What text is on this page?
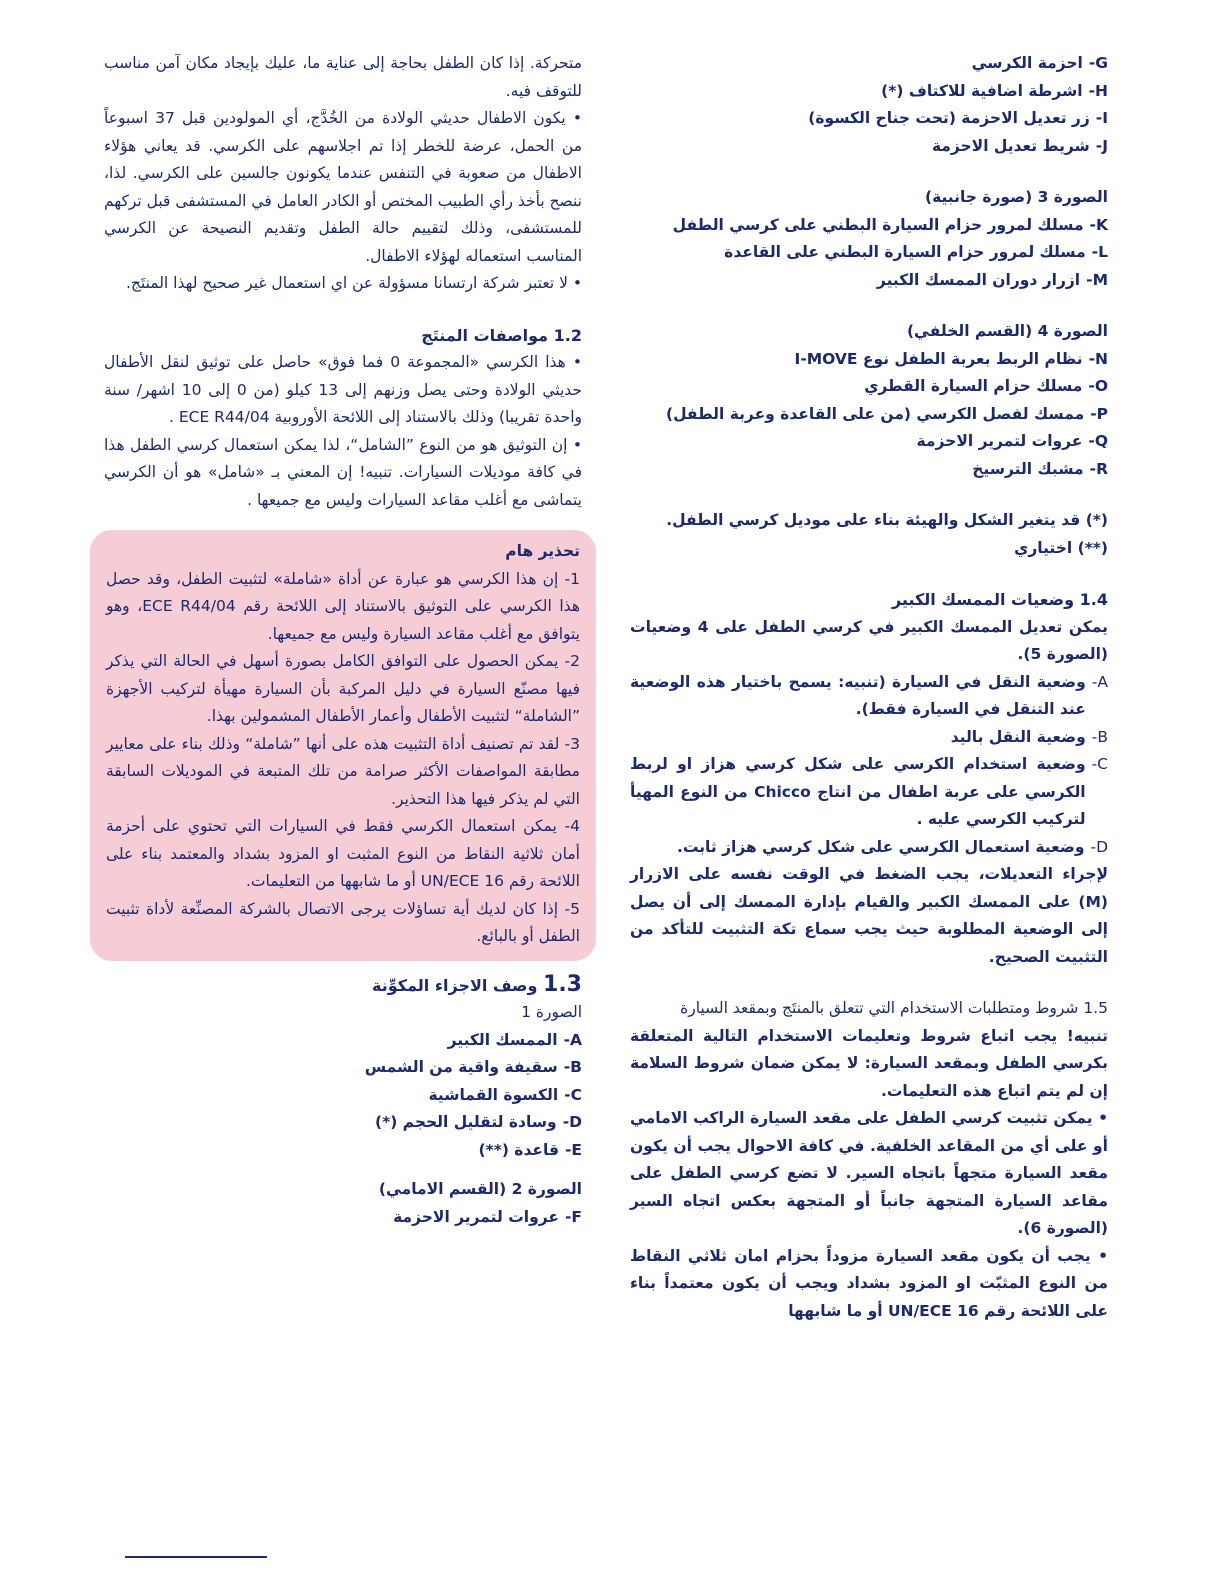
G-
احزمة الكرسي
H-
اشرطة اضافية للاكتاف (*)
I-
زر تعديل الاحزمة (تحت جناح الكسوة)
J-
شريط تعديل الاحزمة

الصورة 3 (صورة جانبية)

K-
مسلك لمرور حزام السيارة البطني على كرسي الطفل
L-
مسلك لمرور حزام السيارة البطني على القاعدة
M-
ازرار دوران الممسك الكبير

الصورة 4 (القسم الخلفي)

N-
نظام الربط بعربة الطفل نوع I-MOVE
O-
مسلك حزام السيارة القطري
P-
ممسك لفصل الكرسي (من على القاعدة وعربة الطفل)
Q-
عروات لتمرير الاحزمة
R-
مشبك الترسيخ

(*) قد يتغير الشكل والهيئة بناء على موديل كرسي الطفل.

(**) اختياري

1.4 وضعيات الممسك الكبير

يمكن تعديل الممسك الكبير في كرسي الطفل على 4 وضعيات (الصورة 5).

A-
وضعية النقل في السيارة (تنبيه: يسمح باختيار هذه الوضعية عند التنقل في السيارة فقط).
B-
وضعية النقل باليد
C-
وضعية استخدام الكرسي على شكل كرسي هزاز او لربط الكرسي على عربة اطفال من انتاج Chicco من النوع المهيأ لتركيب الكرسي عليه .
D-
وضعية استعمال الكرسي على شكل كرسي هزاز ثابت.

لإجراء التعديلات، يجب الضغط في الوقت نفسه على الازرار (M) على الممسك الكبير والقيام بإدارة الممسك إلى أن يصل إلى الوضعية المطلوبة حيث يجب سماع تكة التثبيت للتأكد من التثبيت الصحيح.

1.5 شروط ومتطلبات الاستخدام التي تتعلق بالمنتَج وبمقعد السيارة

تنبيه! يجب اتباع شروط وتعليمات الاستخدام التالية المتعلقة بكرسي الطفل وبمقعد السيارة: لا يمكن ضمان شروط السلامة إن لم يتم اتباع هذه التعليمات.

• يمكن تثبيت كرسي الطفل على مقعد السيارة الراكب الامامي أو على أي من المقاعد الخلفية. في كافة الاحوال يجب أن يكون مقعد السيارة متجهاً باتجاه السير. لا تضع كرسي الطفل على مقاعد السيارة المتجهة جانباً أو المتجهة بعكس اتجاه السير (الصورة 6).

• يجب أن يكون مقعد السيارة مزوداً بحزام امان ثلاثي النقاط من النوع المثبّت او المزود بشداد ويجب أن يكون معتمداً بناء على اللائحة رقم UN/ECE 16 أو ما شابهها

متحركة. إذا كان الطفل بحاجة إلى عناية ما، عليك بإيجاد مكان آمن مناسب للتوقف فيه.

• يكون الاطفال حديثي الولادة من الخُدَّج، أي المولودين قبل 37 اسبوعاً من الحمل، عرضة للخطر إذا تم اجلاسهم على الكرسي. قد يعاني هؤلاء الاطفال من صعوبة في التنفس عندما يكونون جالسين على الكرسي. لذا، ننصح بأخذ رأي الطبيب المختص أو الكادر العامل في المستشفى قبل تركهم للمستشفى، وذلك لتقييم حالة الطفل وتقديم النصيحة عن الكرسي المناسب استعماله لهؤلاء الاطفال.

• لا تعتبر شركة ارتسانا مسؤولة عن اي استعمال غير صحيح لهذا المنتَج.

1.2 مواصفات المنتَج

• هذا الكرسي «المجموعة 0 فما فوق» حاصل على توثيق لنقل الأطفال حديثي الولادة وحتى يصل وزنهم إلى 13 كيلو (من 0 إلى 10 اشهر/ سنة واحدة تقريبا) وذلك بالاستناد إلى اللائحة الأوروبية ECE R44/04 .

• إن التوثيق هو من النوع ”الشامل“، لذا يمكن استعمال كرسي الطفل هذا في كافة موديلات السيارات. تنبيه! إن المعني بـ «شامل» هو أن الكرسي يتماشى مع أغلب مقاعد السيارات وليس مع جميعها .

تحذير هام

1- إن هذا الكرسي هو عبارة عن أداة «شاملة» لتثبيت الطفل، وقد حصل هذا الكرسي على التوثيق بالاستناد إلى اللائحة رقم ECE R44/04، وهو يتوافق مع أغلب مقاعد السيارة وليس مع جميعها.

2- يمكن الحصول على التوافق الكامل بصورة أسهل في الحالة التي يذكر فيها مصنّع السيارة في دليل المركبة بأن السيارة مهيأة لتركيب الأجهزة ”الشاملة“ لتثبيت الأطفال وأعمار الأطفال المشمولين بهذا.

3- لقد تم تصنيف أداة التثبيت هذه على أنها ”شاملة“ وذلك بناء على معايير مطابقة المواصفات الأكثر صرامة من تلك المتبعة في الموديلات السابقة التي لم يذكر فيها هذا التحذير.

4- يمكن استعمال الكرسي فقط في السيارات التي تحتوي على أحزمة أمان ثلاثية النقاط من النوع المثبت او المزود بشداد والمعتمد بناء على اللائحة رقم UN/ECE 16 أو ما شابهها من التعليمات.

5- إذا كان لديك أية تساؤلات يرجى الاتصال بالشركة المصنِّعة لأداة تثبيت الطفل أو بالبائع.

1.3 وصف الاجزاء المكوِّنة

الصورة 1

A-
الممسك الكبير
B-
سقيفة واقية من الشمس
C-
الكسوة القماشية
D-
وسادة لتقليل الحجم (*)
E-
قاعدة (**)

الصورة 2 (القسم الامامي)

F-
عروات لتمرير الاحزمة
